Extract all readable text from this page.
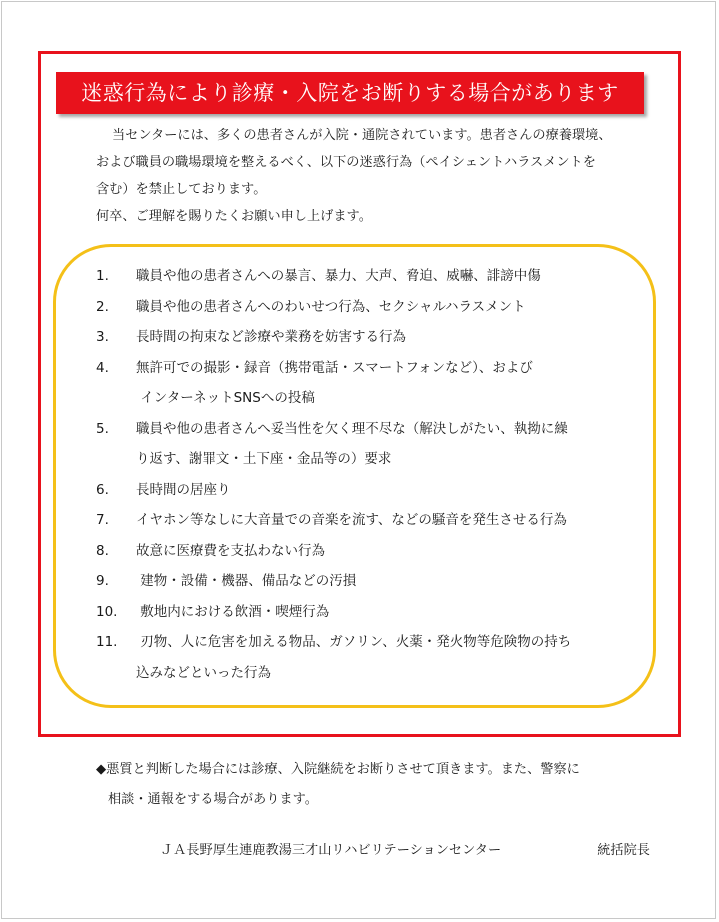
迷惑行為により診療・入院をお断りする場合があります

当センターには、多くの患者さんが入院・通院されています。患者さんの療養環境、

および職員の職場環境を整えるべく、以下の迷惑行為（ペイシェントハラスメントを

含む）を禁止しております。

何卒、ご理解を賜りたくお願い申し上げます。

1.	職員や他の患者さんへの暴言、暴力、大声、脅迫、威嚇、誹謗中傷
2.	職員や他の患者さんへのわいせつ行為、セクシャルハラスメント
3.	長時間の拘束など診療や業務を妨害する行為
4.	無許可での撮影・録音（携帯電話・スマートフォンなど）、および
インターネットSNSへの投稿
5.	職員や他の患者さんへ妥当性を欠く理不尽な（解決しがたい、執拗に繰
り返す、謝罪文・土下座・金品等の）要求
6.	長時間の居座り
7.	イヤホン等なしに大音量での音楽を流す、などの騒音を発生させる行為
8.	故意に医療費を支払わない行為
9.	建物・設備・機器、備品などの汚損
10.	敷地内における飲酒・喫煙行為
11.	刃物、人に危害を加える物品、ガソリン、火薬・発火物等危険物の持ち
込みなどといった行為

◆悪質と判断した場合には診療、入院継続をお断りさせて頂きます。また、警察に

相談・通報をする場合があります。

ＪＡ長野厚生連鹿教湯三才山リハビリテーションセンター	統括院長
